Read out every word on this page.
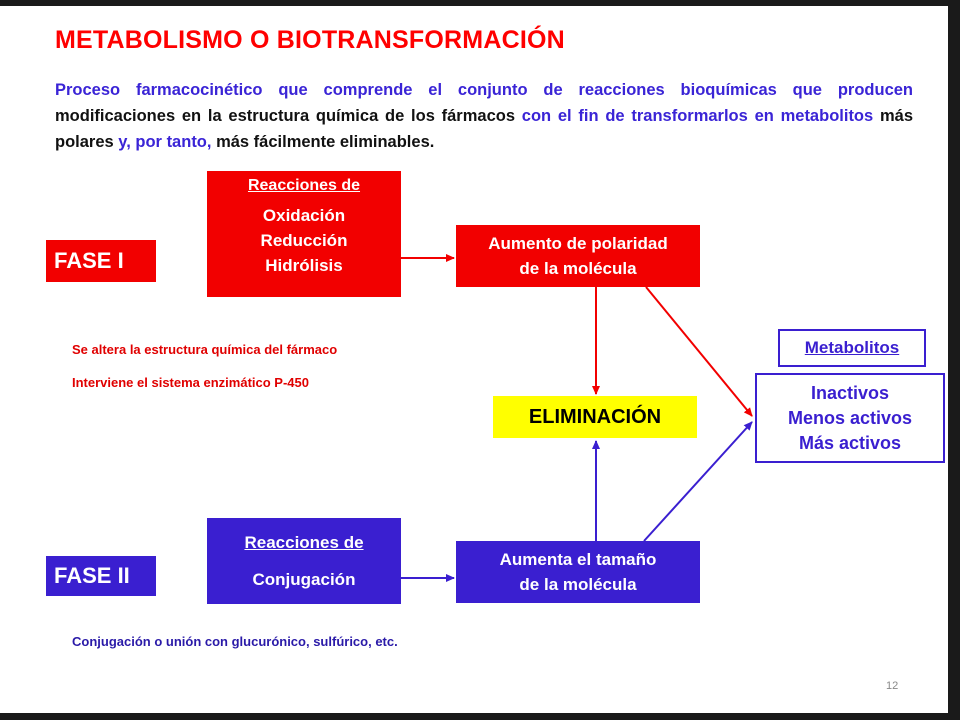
METABOLISMO O BIOTRANSFORMACIÓN

Proceso farmacocinético que comprende el conjunto de reacciones bioquímicas que producen modificaciones en la estructura química de los fármacos con el fin de transformarlos en metabolitos más polares y, por tanto, más fácilmente eliminables.

FASE I
Reacciones de
Oxidación
Reducción
Hidrólisis
Aumento de polaridad
de la molécula

Se altera la estructura química del fármaco

Interviene el sistema enzimático P-450

ELIMINACIÓN
Metabolitos
Inactivos
Menos activos
Más activos
Reacciones de
Conjugación
FASE II
Aumenta el tamaño
de la molécula

Conjugación o unión con glucurónico, sulfúrico, etc.

12
